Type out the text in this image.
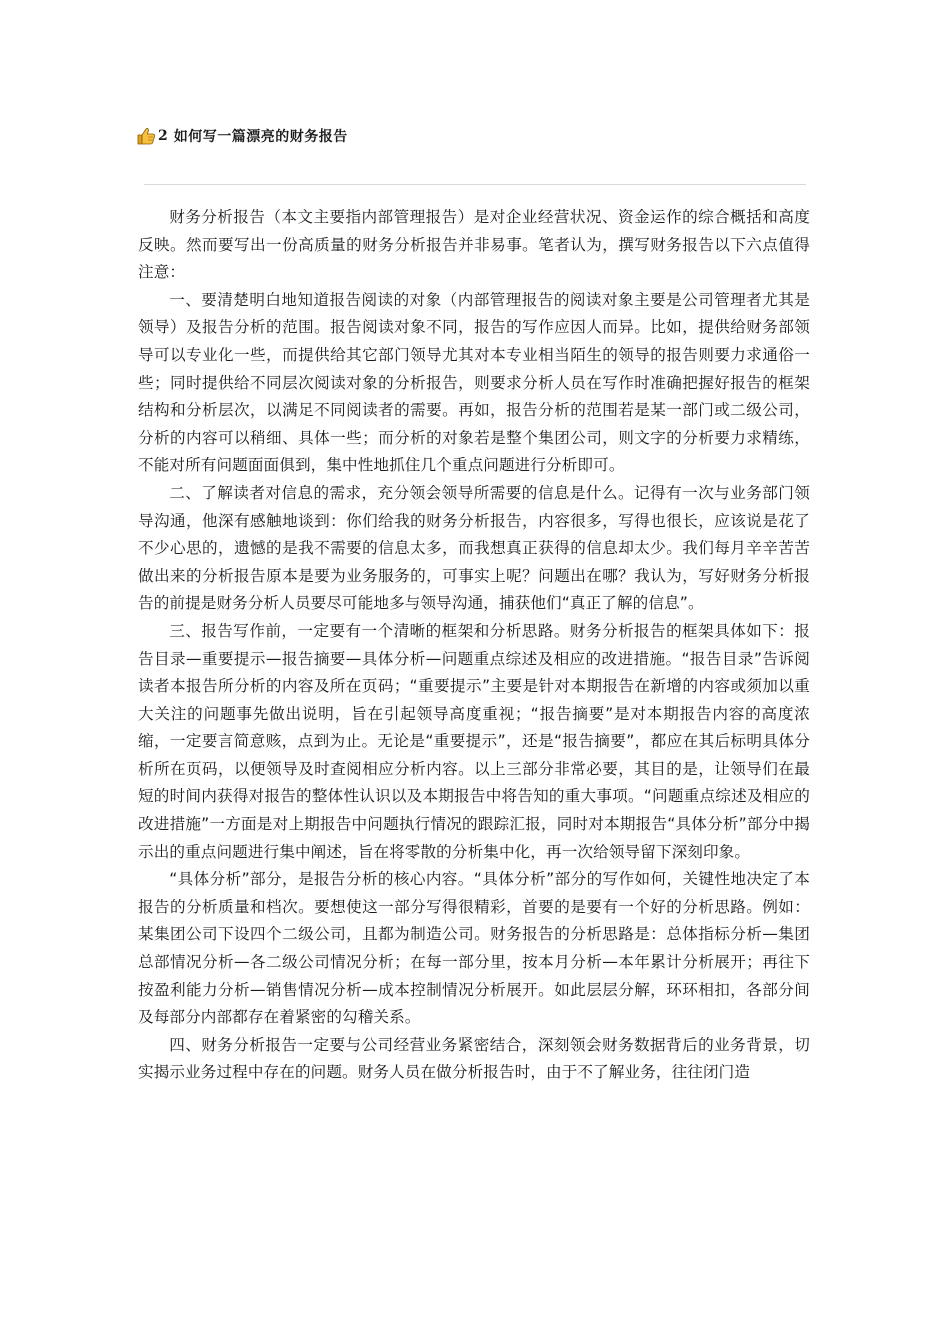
2 如何写一篇漂亮的财务报告

财务分析报告（本文主要指内部管理报告）是对企业经营状况、资金运作的综合概括和高度反映。然而要写出一份高质量的财务分析报告并非易事。笔者认为，撰写财务报告以下六点值得注意：

一、要清楚明白地知道报告阅读的对象（内部管理报告的阅读对象主要是公司管理者尤其是领导）及报告分析的范围。报告阅读对象不同，报告的写作应因人而异。比如，提供给财务部领导可以专业化一些，而提供给其它部门领导尤其对本专业相当陌生的领导的报告则要力求通俗一些；同时提供给不同层次阅读对象的分析报告，则要求分析人员在写作时准确把握好报告的框架结构和分析层次，以满足不同阅读者的需要。再如，报告分析的范围若是某一部门或二级公司，分析的内容可以稍细、具体一些；而分析的对象若是整个集团公司，则文字的分析要力求精练，不能对所有问题面面俱到，集中性地抓住几个重点问题进行分析即可。

二、了解读者对信息的需求，充分领会领导所需要的信息是什么。记得有一次与业务部门领导沟通，他深有感触地谈到：你们给我的财务分析报告，内容很多，写得也很长，应该说是花了不少心思的，遗憾的是我不需要的信息太多，而我想真正获得的信息却太少。我们每月辛辛苦苦做出来的分析报告原本是要为业务服务的，可事实上呢？问题出在哪？我认为，写好财务分析报告的前提是财务分析人员要尽可能地多与领导沟通，捕获他们“真正了解的信息”。

三、报告写作前，一定要有一个清晰的框架和分析思路。财务分析报告的框架具体如下：报告目录—重要提示—报告摘要—具体分析—问题重点综述及相应的改进措施。“报告目录”告诉阅读者本报告所分析的内容及所在页码；“重要提示”主要是针对本期报告在新增的内容或须加以重大关注的问题事先做出说明，旨在引起领导高度重视；“报告摘要”是对本期报告内容的高度浓缩，一定要言简意赅，点到为止。无论是“重要提示”，还是“报告摘要”，都应在其后标明具体分析所在页码，以便领导及时查阅相应分析内容。以上三部分非常必要，其目的是，让领导们在最短的时间内获得对报告的整体性认识以及本期报告中将告知的重大事项。“问题重点综述及相应的改进措施”一方面是对上期报告中问题执行情况的跟踪汇报，同时对本期报告“具体分析”部分中揭示出的重点问题进行集中阐述，旨在将零散的分析集中化，再一次给领导留下深刻印象。

“具体分析”部分，是报告分析的核心内容。“具体分析”部分的写作如何，关键性地决定了本报告的分析质量和档次。要想使这一部分写得很精彩，首要的是要有一个好的分析思路。例如：某集团公司下设四个二级公司，且都为制造公司。财务报告的分析思路是：总体指标分析—集团总部情况分析—各二级公司情况分析；在每一部分里，按本月分析—本年累计分析展开；再往下按盈利能力分析—销售情况分析—成本控制情况分析展开。如此层层分解，环环相扣，各部分间及每部分内部都存在着紧密的勾稽关系。

四、财务分析报告一定要与公司经营业务紧密结合，深刻领会财务数据背后的业务背景，切实揭示业务过程中存在的问题。财务人员在做分析报告时，由于不了解业务，往往闭门造
